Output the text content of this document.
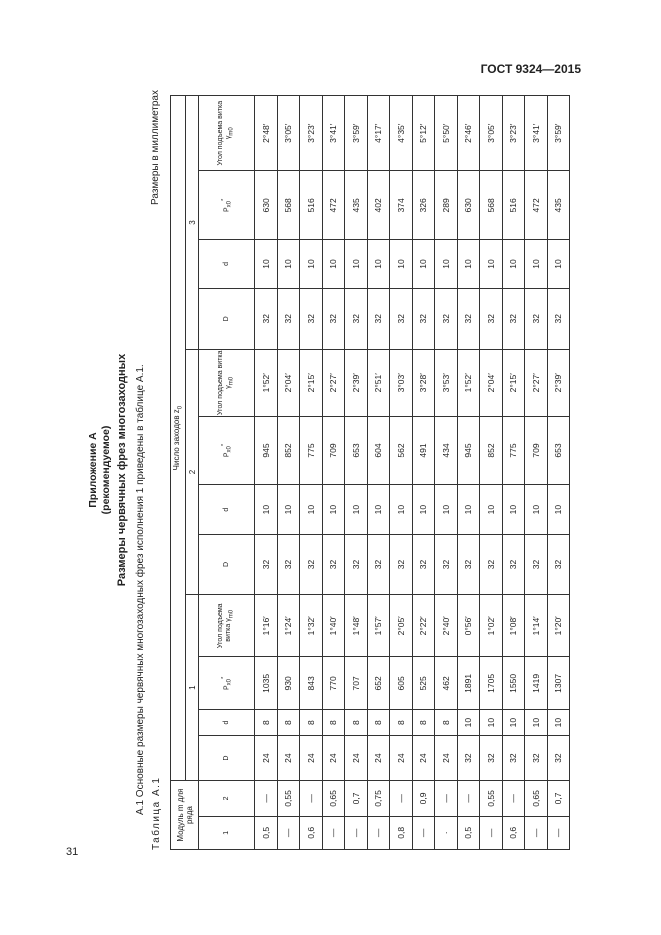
ГОСТ 9324—2015
31
Приложение А (рекомендуемое) Размеры червячных фрез многозаходных А.1 Основные размеры червячных многозаходных фрез исполнения 1 приведены в таблице А.1.
Размеры в миллиметрах
Таблица А.1 Модуль m для ряда		Число заходов $z_0$
		1				2				3			
1	2	D	d	$P_{x0}^*$	Угол подъема витка $\gamma_{m0}$	D	d	$P_{x0}^*$	Угол подъема витка $\gamma_{m0}$	D	d	$P_{x0}^*$	Угол подъема витка $\gamma_{m0}$
0,5	—	24	8	1035	1°16′	32	10	945	1°52′	32	10	630	2°48′
—	0,55	24	8	930	1°24′	32	10	852	2°04′	32	10	568	3°05′
0,6	—	24	8	843	1°32′	32	10	775	2°15′	32	10	516	3°23′
—	0,65	24	8	770	1°40′	32	10	709	2°27′	32	10	472	3°41′
—	0,7	24	8	707	1°48′	32	10	653	2°39′	32	10	435	3°59′
—	0,75	24	8	652	1°57′	32	10	604	2°51′	32	10	402	4°17′
0,8	—	24	8	605	2°05′	32	10	562	3°03′	32	10	374	4°35′
—	0,9	24	8	525	2°22′	32	10	491	3°28′	32	10	326	5°12′
·	—	24	8	462	2°40′	32	10	434	3°53′	32	10	289	5°50′
0,5	—	32	10	1891	0°56′	32	10	945	1°52′	32	10	630	2°46′
—	0,55	32	10	1705	1°02′	32	10	852	2°04′	32	10	568	3°05′
0,6	—	32	10	1550	1°08′	32	10	775	2°15′	32	10	516	3°23′
—	0,65	32	10	1419	1°14′	32	10	709	2°27′	32	10	472	3°41′
—	0,7	32	10	1307	1°20′	32	10	653	2°39′	32	10	435	3°59′
